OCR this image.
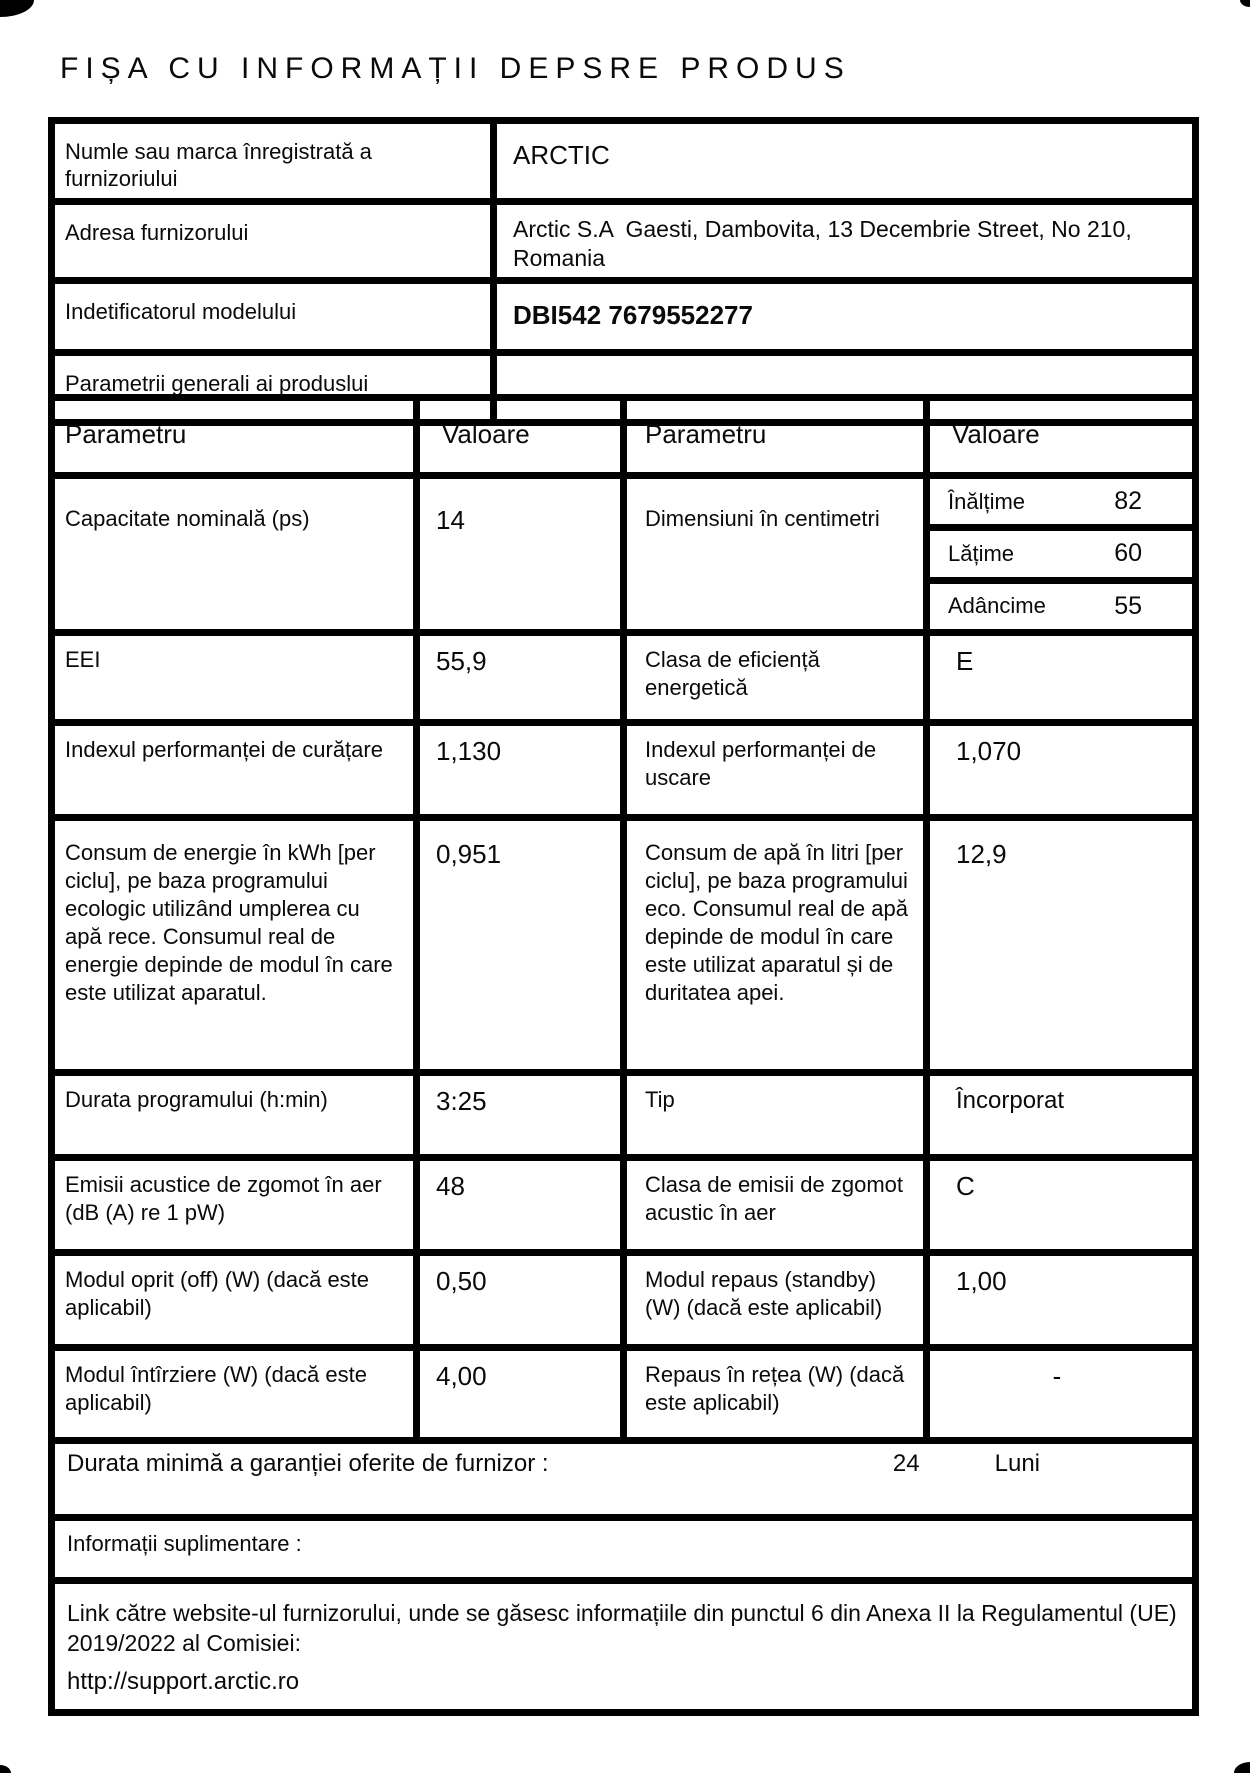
FIȘA CU INFORMAȚII DEPSRE PRODUS
Numle sau marca înregistrată a furnizoriului	ARCTIC
Adresa furnizorului	Arctic S.A  Gaesti, Dambovita, 13 Decembrie Street, No 210, Romania
Indetificatorul modelului	DBI542 7679552277
Parametrii generali ai produslui	
Parametru	Valoare	Parametru	Valoare
Capacitate nominală (ps)	14	Dimensiuni în centimetri	
Înălțime	82
Lățime	60
Adâncime	55

EEI	55,9	Clasa de eficiență energetică	E
Indexul performanței de curățare	1,130	Indexul performanței de uscare	1,070
Consum de energie în kWh [per ciclu], pe baza programului ecologic utilizând umplerea cu apă rece. Consumul real de energie depinde de modul în care este utilizat aparatul.	0,951	Consum de apă în litri [per ciclu], pe baza programului eco. Consumul real de apă depinde de modul în care este utilizat aparatul și de duritatea apei.	12,9
Durata programului (h:min)	3:25	Tip	Încorporat
Emisii acustice de zgomot în aer (dB (A) re 1 pW)	48	Clasa de emisii de zgomot acustic în aer	C
Modul oprit (off) (W) (dacă este aplicabil)	0,50	Modul repaus (standby) (W) (dacă este aplicabil)	1,00
Modul întîrziere (W) (dacă este aplicabil)	4,00	Repaus în rețea (W) (dacă este aplicabil)	-

Durata minimă a garanției oferite de furnizor : 24 Luni			

Informații suplimentare :			

Link către website-ul furnizorului, unde se găsesc informațiile din punctul 6 din Anexa II la Regulamentul (UE) 2019/2022 al Comisiei:
http://support.arctic.ro			
